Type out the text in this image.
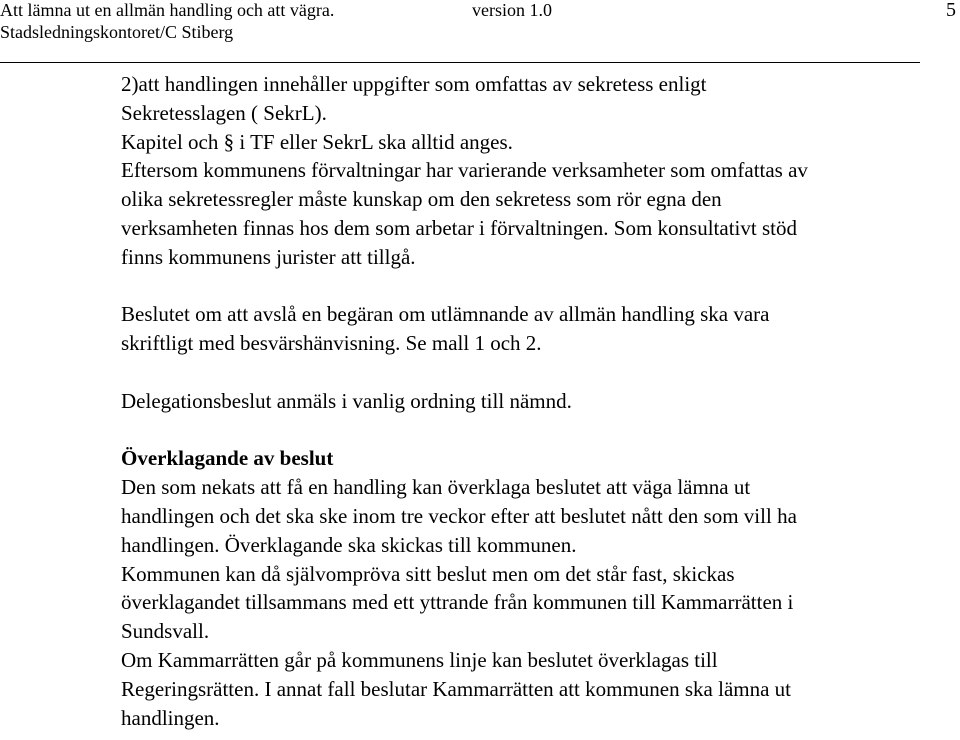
Att lämna ut en allmän handling och att vägra.	version 1.0
Stadsledningskontoret/C Stiberg
5

2)att handlingen innehåller uppgifter som omfattas av sekretess enligt

Sekretesslagen ( SekrL).

Kapitel och § i TF eller SekrL ska alltid anges.

Eftersom kommunens förvaltningar har varierande verksamheter som omfattas av

olika sekretessregler måste kunskap om den sekretess som rör egna den

verksamheten finnas hos dem som arbetar i förvaltningen. Som konsultativt stöd

finns kommunens jurister att tillgå.

Beslutet om att avslå en begäran om utlämnande av allmän handling ska vara

skriftligt med besvärshänvisning. Se mall 1 och 2.

Delegationsbeslut anmäls i vanlig ordning till nämnd.

Överklagande av beslut

Den som nekats att få en handling kan överklaga beslutet att väga lämna ut

handlingen och det ska ske inom tre veckor efter att beslutet nått den som vill ha

handlingen. Överklagande ska skickas till kommunen.

Kommunen kan då självompröva sitt beslut men om det står fast, skickas

överklagandet tillsammans med ett yttrande från kommunen till Kammarrätten i

Sundsvall.

Om Kammarrätten går på kommunens linje kan beslutet överklagas till

Regeringsrätten. I annat fall beslutar Kammarrätten att kommunen ska lämna ut

handlingen.
